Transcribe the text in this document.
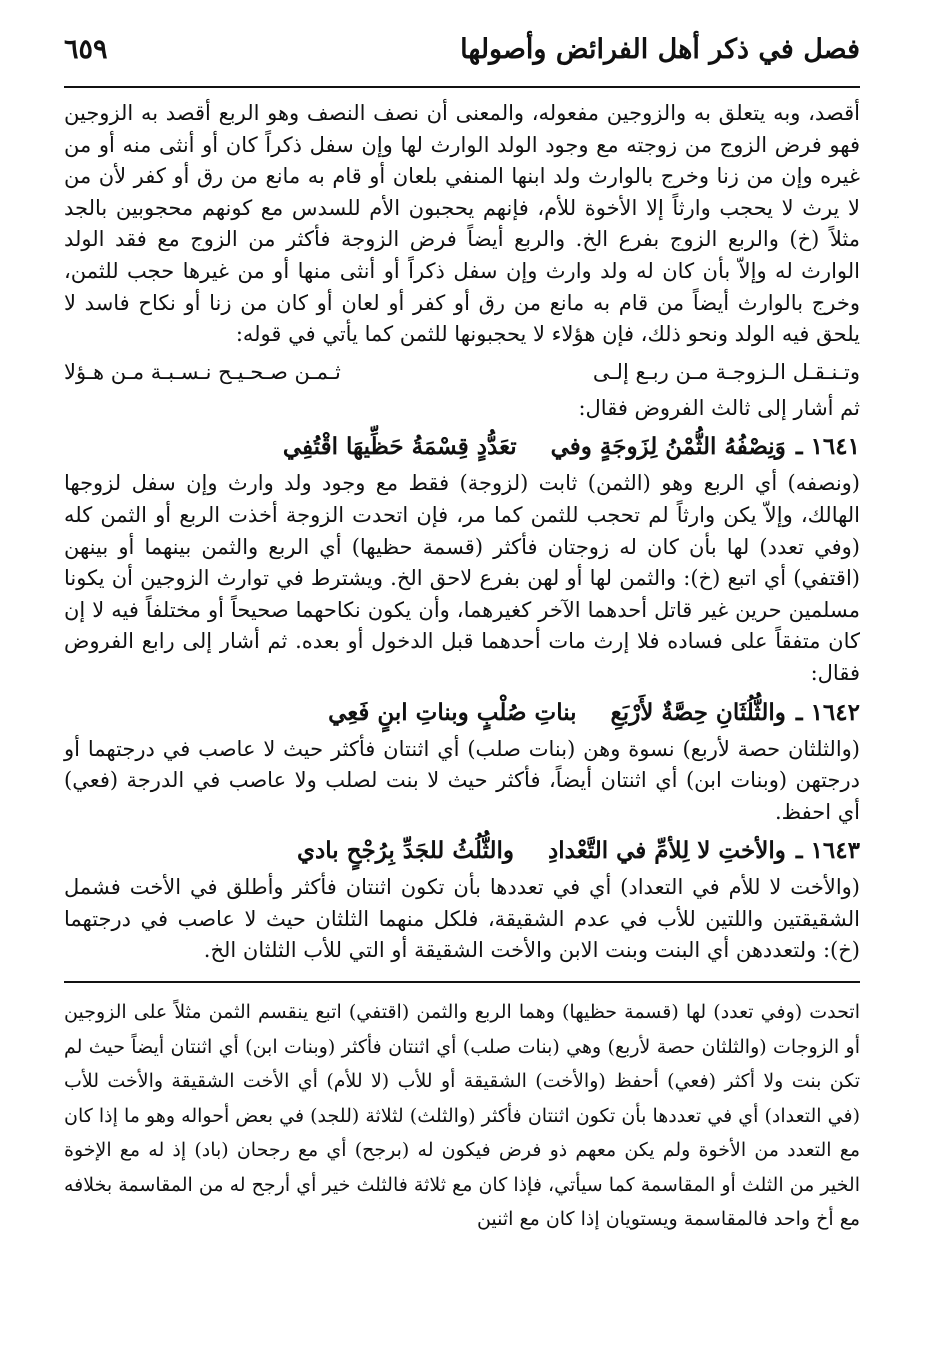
فصل في ذكر أهل الفرائض وأصولها
٦٥٩

أقصد، وبه يتعلق به والزوجين مفعوله، والمعنى أن نصف النصف وهو الربع أقصد به الزوجين فهو فرض الزوج من زوجته مع وجود الولد الوارث لها وإن سفل ذكراً كان أو أنثى منه أو من غيره وإن من زنا وخرج بالوارث ولد ابنها المنفي بلعان أو قام به مانع من رق أو كفر لأن من لا يرث لا يحجب وارثاً إلا الأخوة للأم، فإنهم يحجبون الأم للسدس مع كونهم محجوبين بالجد مثلاً (خ) والربع الزوج بفرع الخ. والربع أيضاً فرض الزوجة فأكثر من الزوج مع فقد الولد الوارث له وإلاّ بأن كان له ولد وارث وإن سفل ذكراً أو أنثى منها أو من غيرها حجب للثمن، وخرج بالوارث أيضاً من قام به مانع من رق أو كفر أو لعان أو كان من زنا أو نكاح فاسد لا يلحق فيه الولد ونحو ذلك، فإن هؤلاء لا يحجبونها للثمن كما يأتي في قوله:

وتـنـقـل الـزوجـة مـن ربـع إلـى
ثـمـن صـحـيـح نـسـبـة مـن هـؤلا

ثم أشار إلى ثالث الفروض فقال:

١٦٤١ ـ
وَنِصْفُهُ الثُّمْنُ لِزَوجَةٍ وفي
تعَدُّدٍ قِسْمَةُ حَظِّيهَا اقْتُفِي

(ونصفه) أي الربع وهو (الثمن) ثابت (لزوجة) فقط مع وجود ولد وارث وإن سفل لزوجها الهالك، وإلاّ يكن وارثاً لم تحجب للثمن كما مر، فإن اتحدت الزوجة أخذت الربع أو الثمن كله (وفي تعدد) لها بأن كان له زوجتان فأكثر (قسمة حظيها) أي الربع والثمن بينهما أو بينهن (اقتفي) أي اتبع (خ): والثمن لها أو لهن بفرع لاحق الخ. ويشترط في توارث الزوجين أن يكونا مسلمين حرين غير قاتل أحدهما الآخر كغيرهما، وأن يكون نكاحهما صحيحاً أو مختلفاً فيه لا إن كان متفقاً على فساده فلا إرث مات أحدهما قبل الدخول أو بعده. ثم أشار إلى رابع الفروض فقال:

١٦٤٢ ـ
والثُّلُثَانِ حِصَّةٌ لأَرْبَعِ
بناتِ صُلْبٍ وبناتِ ابنٍ فَعِي

(والثلثان حصة لأربع) نسوة وهن (بنات صلب) أي اثنتان فأكثر حيث لا عاصب في درجتهما أو درجتهن (وبنات ابن) أي اثنتان أيضاً، فأكثر حيث لا بنت لصلب ولا عاصب في الدرجة (فعي) أي احفظ.

١٦٤٣ ـ
والأختِ لا لِلأمِّ في التَّعْدادِ
والثُّلُثُ للجَدِّ بِرُجْحٍ بادي

(والأخت لا للأم في التعداد) أي في تعددها بأن تكون اثنتان فأكثر وأطلق في الأخت فشمل الشقيقتين واللتين للأب في عدم الشقيقة، فلكل منهما الثلثان حيث لا عاصب في درجتهما (خ): ولتعددهن أي البنت وبنت الابن والأخت الشقيقة أو التي للأب الثلثان الخ.

اتحدت (وفي تعدد) لها (قسمة حظيها) وهما الربع والثمن (اقتفي) اتبع ينقسم الثمن مثلاً على الزوجين أو الزوجات (والثلثان حصة لأربع) وهي (بنات صلب) أي اثنتان فأكثر (وبنات ابن) أي اثنتان أيضاً حيث لم تكن بنت ولا أكثر (فعي) أحفظ (والأخت) الشقيقة أو للأب (لا للأم) أي الأخت الشقيقة والأخت للأب (في التعداد) أي في تعددها بأن تكون اثنتان فأكثر (والثلث) لثلاثة (للجد) في بعض أحواله وهو ما إذا كان مع التعدد من الأخوة ولم يكن معهم ذو فرض فيكون له (برجح) أي مع رجحان (باد) إذ له مع الإخوة الخير من الثلث أو المقاسمة كما سيأتي، فإذا كان مع ثلاثة فالثلث خير أي أرجح له من المقاسمة بخلافه مع أخ واحد فالمقاسمة ويستويان إذا كان مع اثنين
